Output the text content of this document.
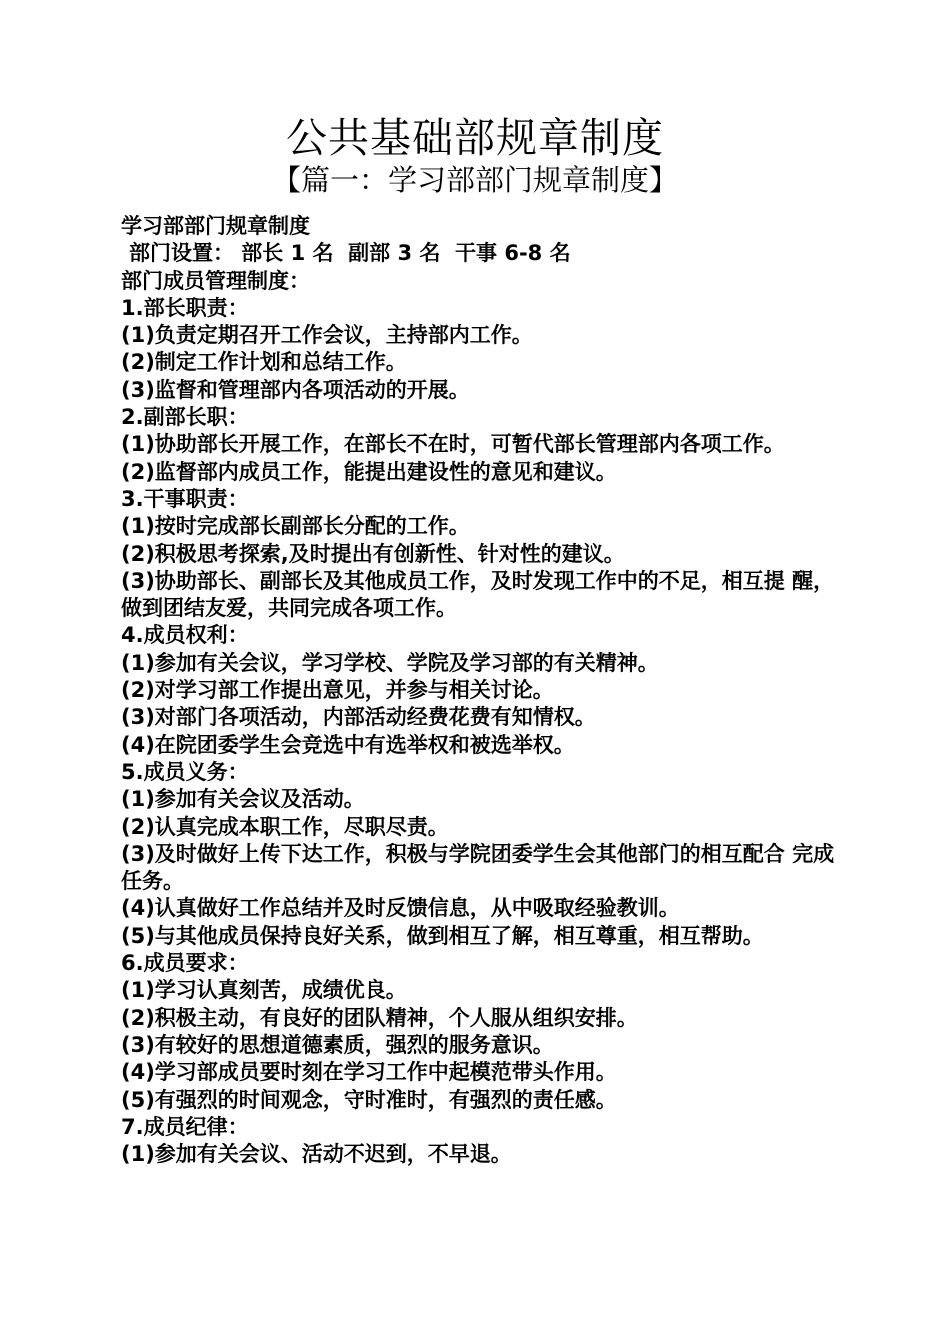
公共基础部规章制度
【篇一：学习部部门规章制度】

学习部部门规章制度

部门设置： 部长 1 名  副部 3 名  干事 6-8 名

部门成员管理制度：

1.部长职责：

(1)负责定期召开工作会议，主持部内工作。

(2)制定工作计划和总结工作。

(3)监督和管理部内各项活动的开展。

2.副部长职：

(1)协助部长开展工作，在部长不在时，可暂代部长管理部内各项工作。

(2)监督部内成员工作，能提出建设性的意见和建议。

3.干事职责：

(1)按时完成部长副部长分配的工作。

(2)积极思考探索,及时提出有创新性、针对性的建议。

(3)协助部长、副部长及其他成员工作，及时发现工作中的不足，相互提 醒，做到团结友爱，共同完成各项工作。

4.成员权利：

(1)参加有关会议，学习学校、学院及学习部的有关精神。

(2)对学习部工作提出意见，并参与相关讨论。

(3)对部门各项活动，内部活动经费花费有知情权。

(4)在院团委学生会竞选中有选举权和被选举权。

5.成员义务：

(1)参加有关会议及活动。

(2)认真完成本职工作，尽职尽责。

(3)及时做好上传下达工作，积极与学院团委学生会其他部门的相互配合 完成任务。

(4)认真做好工作总结并及时反馈信息，从中吸取经验教训。

(5)与其他成员保持良好关系，做到相互了解，相互尊重，相互帮助。

6.成员要求：

(1)学习认真刻苦，成绩优良。

(2)积极主动，有良好的团队精神，个人服从组织安排。

(3)有较好的思想道德素质，强烈的服务意识。

(4)学习部成员要时刻在学习工作中起模范带头作用。

(5)有强烈的时间观念，守时准时，有强烈的责任感。

7.成员纪律：

(1)参加有关会议、活动不迟到，不早退。
